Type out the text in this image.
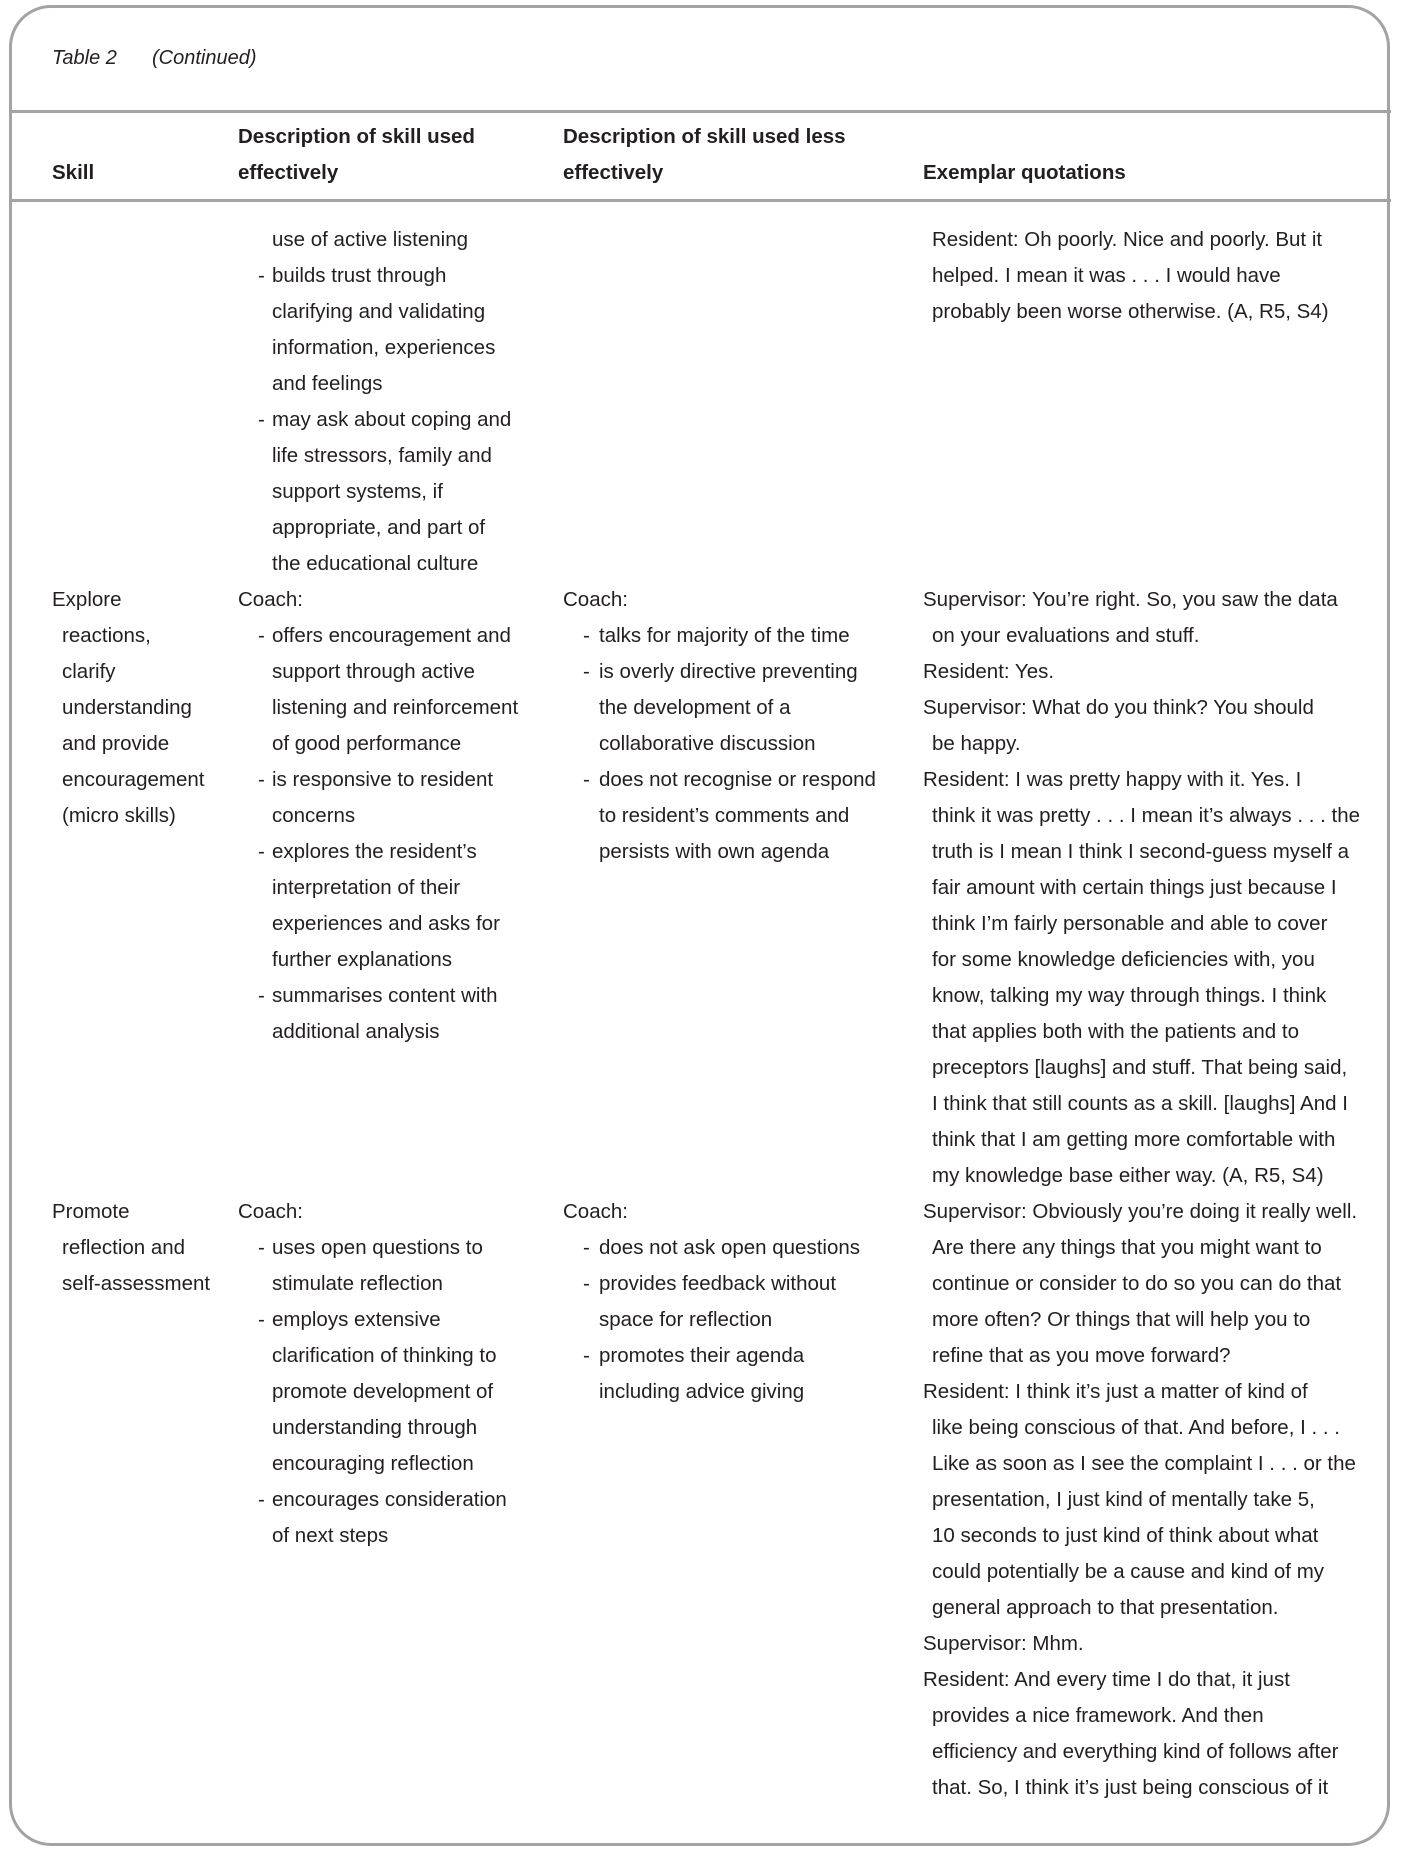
Table 2 (Continued)
Skill
Description of skill used
effectively
Description of skill used less
effectively	Exemplar quotations
use of active listening
- builds trust through
clarifying and validating
information, experiences
and feelings
- may ask about coping and
life stressors, family and
support systems, if
appropriate, and part of
the educational culture
Resident: Oh poorly. Nice and poorly. But it
helped. I mean it was . . . I would have
probably been worse otherwise. (A, R5, S4)
Explore
reactions,
clarify
understanding
and provide
encouragement
(micro skills)
Coach:
- offers encouragement and
support through active
listening and reinforcement
of good performance
- is responsive to resident
concerns
- explores the resident’s
interpretation of their
experiences and asks for
further explanations
- summarises content with
additional analysis
Coach:
- talks for majority of the time
- is overly directive preventing
the development of a
collaborative discussion
- does not recognise or respond
to resident’s comments and
persists with own agenda
Supervisor: You’re right. So, you saw the data
on your evaluations and stuff.
Resident: Yes.
Supervisor: What do you think? You should
be happy.
Resident: I was pretty happy with it. Yes. I
think it was pretty . . . I mean it’s always . . . the
truth is I mean I think I second-guess myself a
fair amount with certain things just because I
think I’m fairly personable and able to cover
for some knowledge deficiencies with, you
know, talking my way through things. I think
that applies both with the patients and to
preceptors [laughs] and stuff. That being said,
I think that still counts as a skill. [laughs] And I
think that I am getting more comfortable with
my knowledge base either way. (A, R5, S4)
Promote
reflection and
self-assessment
Coach:
- uses open questions to
stimulate reflection
- employs extensive
clarification of thinking to
promote development of
understanding through
encouraging reflection
- encourages consideration
of next steps
Coach:
- does not ask open questions
- provides feedback without
space for reflection
- promotes their agenda
including advice giving
Supervisor: Obviously you’re doing it really well.
Are there any things that you might want to
continue or consider to do so you can do that
more often? Or things that will help you to
refine that as you move forward?
Resident: I think it’s just a matter of kind of
like being conscious of that. And before, I . . .
Like as soon as I see the complaint I . . . or the
presentation, I just kind of mentally take 5,
10 seconds to just kind of think about what
could potentially be a cause and kind of my
general approach to that presentation.
Supervisor: Mhm.
Resident: And every time I do that, it just
provides a nice framework. And then
efficiency and everything kind of follows after
that. So, I think it’s just being conscious of it
